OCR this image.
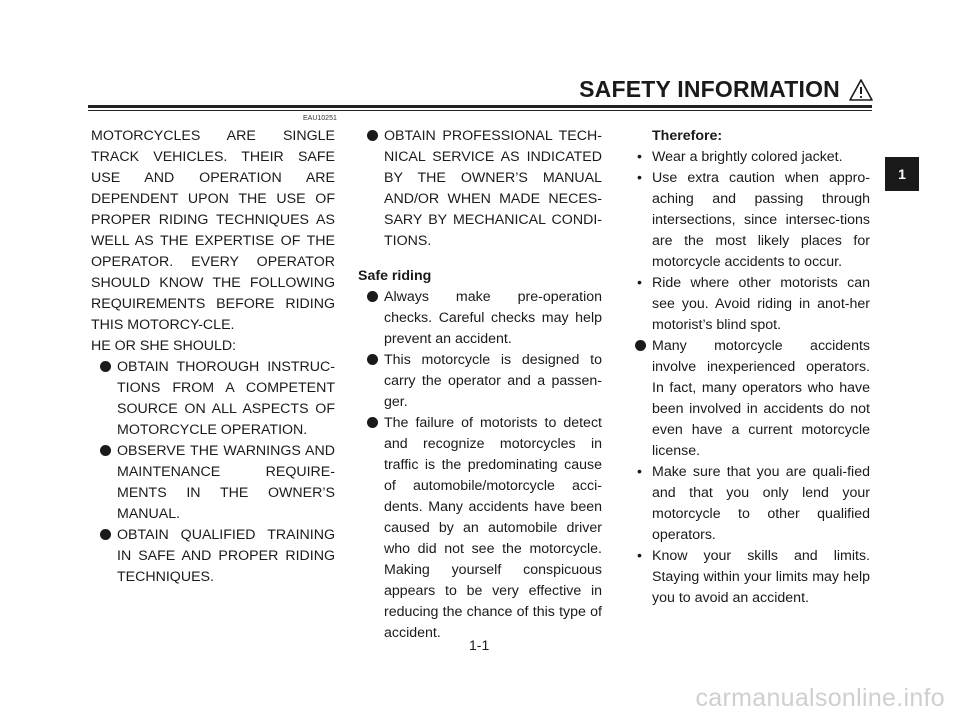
SAFETY INFORMATION
EAU10251
MOTORCYCLES ARE SINGLE TRACK VEHICLES. THEIR SAFE USE AND OPERATION ARE DEPENDENT UPON THE USE OF PROPER RIDING TECHNIQUES AS WELL AS THE EXPERTISE OF THE OPERATOR. EVERY OPERATOR SHOULD KNOW THE FOLLOWING REQUIREMENTS BEFORE RIDING THIS MOTORCY-CLE.
HE OR SHE SHOULD:
OBTAIN THOROUGH INSTRUC-TIONS FROM A COMPETENT SOURCE ON ALL ASPECTS OF MOTORCYCLE OPERATION.
OBSERVE THE WARNINGS AND MAINTENANCE REQUIRE-MENTS IN THE OWNER’S MANUAL.
OBTAIN QUALIFIED TRAINING IN SAFE AND PROPER RIDING TECHNIQUES.
OBTAIN PROFESSIONAL TECH-NICAL SERVICE AS INDICATED BY THE OWNER’S MANUAL AND/OR WHEN MADE NECES-SARY BY MECHANICAL CONDI-TIONS.
Safe riding
Always make pre-operation checks. Careful checks may help prevent an accident.
This motorcycle is designed to carry the operator and a passen-ger.
The failure of motorists to detect and recognize motorcycles in traffic is the predominating cause of automobile/motorcycle acci-dents. Many accidents have been caused by an automobile driver who did not see the motorcycle. Making yourself conspicuous appears to be very effective in reducing the chance of this type of accident.
Therefore:
• Wear a brightly colored jacket.
• Use extra caution when appro-aching and passing through intersections, since intersec-tions are the most likely places for motorcycle accidents to occur.
• Ride where other motorists can see you. Avoid riding in anot-her motorist’s blind spot.
Many motorcycle accidents involve inexperienced operators. In fact, many operators who have been involved in accidents do not even have a current motorcycle license.
• Make sure that you are quali-fied and that you only lend your motorcycle to other qualified operators.
• Know your skills and limits. Staying within your limits may help you to avoid an accident.
1
1-1
carmanualsonline.info
